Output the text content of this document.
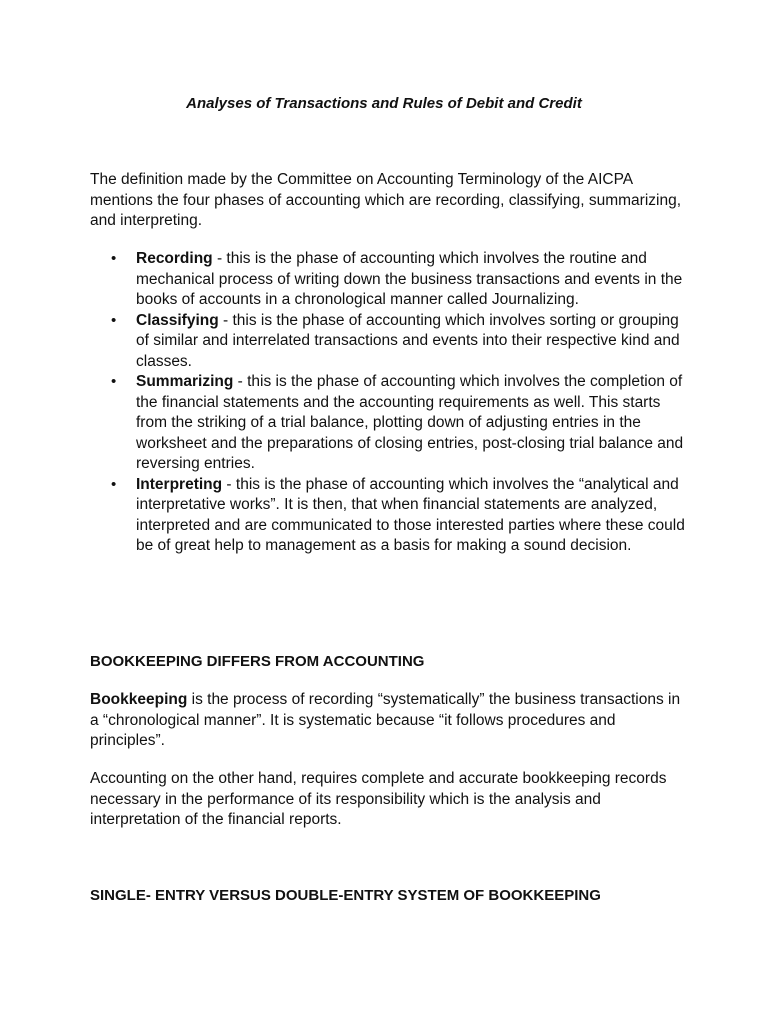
Analyses of Transactions and Rules of Debit and Credit

The definition made by the Committee on Accounting Terminology of the AICPA mentions the four phases of accounting which are recording, classifying, summarizing, and interpreting.

• Recording - this is the phase of accounting which involves the routine and mechanical process of writing down the business transactions and events in the books of accounts in a chronological manner called Journalizing.
• Classifying - this is the phase of accounting which involves sorting or grouping of similar and interrelated transactions and events into their respective kind and classes.
• Summarizing - this is the phase of accounting which involves the completion of the financial statements and the accounting requirements as well. This starts from the striking of a trial balance, plotting down of adjusting entries in the worksheet and the preparations of closing entries, post-closing trial balance and reversing entries.
• Interpreting - this is the phase of accounting which involves the “analytical and interpretative works”. It is then, that when financial statements are analyzed, interpreted and are communicated to those interested parties where these could be of great help to management as a basis for making a sound decision.
BOOKKEEPING DIFFERS FROM ACCOUNTING

Bookkeeping is the process of recording “systematically” the business transactions in a “chronological manner”. It is systematic because “it follows procedures and principles”.

Accounting on the other hand, requires complete and accurate bookkeeping records necessary in the performance of its responsibility which is the analysis and interpretation of the financial reports.

SINGLE- ENTRY VERSUS DOUBLE-ENTRY SYSTEM OF BOOKKEEPING
